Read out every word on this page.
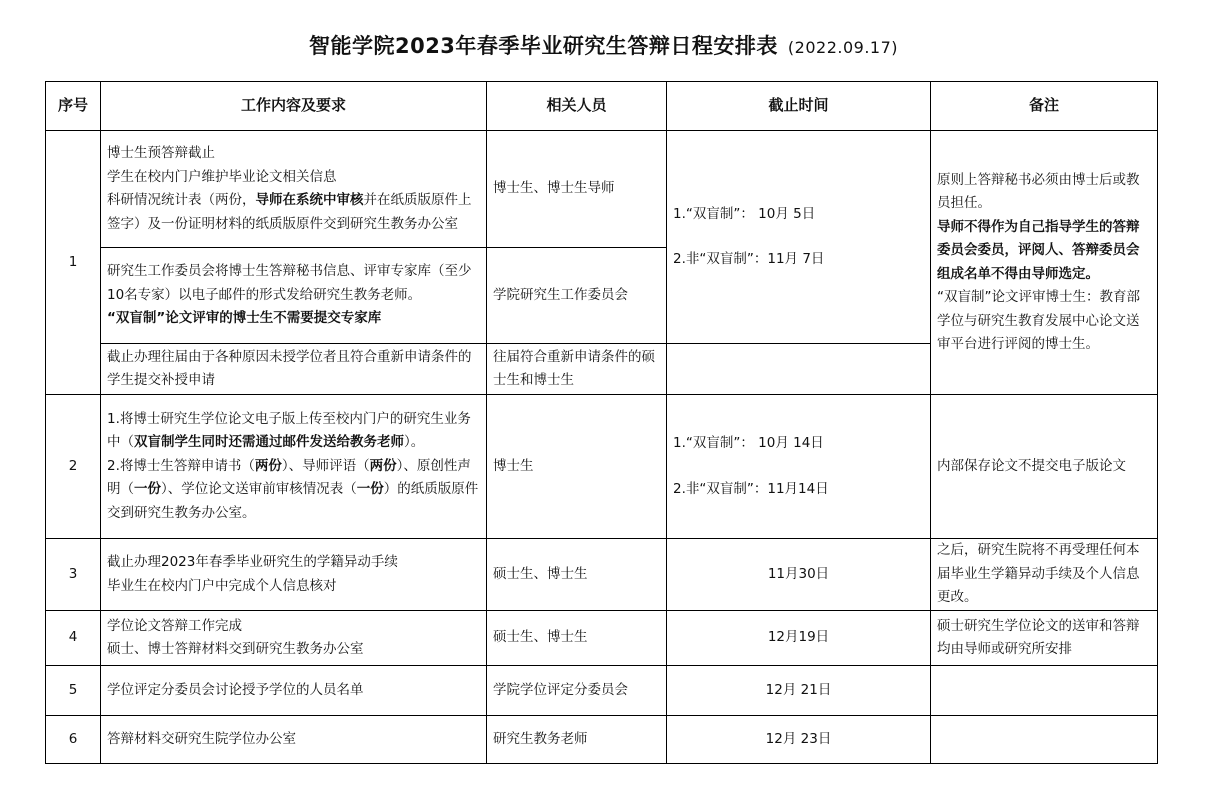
智能学院2023年春季毕业研究生答辩日程安排表 (2022.09.17)
序号	工作内容及要求	相关人员	截止时间	备注
1	博士生预答辩截止
学生在校内门户维护毕业论文相关信息
科研情况统计表（两份，导师在系统中审核并在纸质版原件上签字）及一份证明材料的纸质版原件交到研究生教务办公室	博士生、博士生导师	1.“双盲制”： 10月 5日
2.非“双盲制”：11月 7日	原则上答辩秘书必须由博士后或教员担任。
导师不得作为自己指导学生的答辩委员会委员，评阅人、答辩委员会组成名单不得由导师选定。
“双盲制”论文评审博士生：教育部学位与研究生教育发展中心论文送审平台进行评阅的博士生。

	研究生工作委员会将博士生答辩秘书信息、评审专家库（至少10名专家）以电子邮件的形式发给研究生教务老师。
“双盲制”论文评审的博士生不需要提交专家库	学院研究生工作委员会		
	截止办理往届由于各种原因未授学位者且符合重新申请条件的学生提交补授申请	往届符合重新申请条件的硕士生和博士生		
2	1.将博士研究生学位论文电子版上传至校内门户的研究生业务中（双盲制学生同时还需通过邮件发送给教务老师）。
2.将博士生答辩申请书（两份）、导师评语（两份）、原创性声明（一份）、学位论文送审前审核情况表（一份）的纸质版原件交到研究生教务办公室。	博士生	1.“双盲制”： 10月 14日
2.非“双盲制”：11月14日	内部保存论文不提交电子版论文
3	截止办理2023年春季毕业研究生的学籍异动手续
毕业生在校内门户中完成个人信息核对	硕士生、博士生	11月30日	之后，研究生院将不再受理任何本届毕业生学籍异动手续及个人信息更改。
4	学位论文答辩工作完成
硕士、博士答辩材料交到研究生教务办公室	硕士生、博士生	12月19日	硕士研究生学位论文的送审和答辩均由导师或研究所安排
5	学位评定分委员会讨论授予学位的人员名单	学院学位评定分委员会	12月 21日	
6	答辩材料交研究生院学位办公室	研究生教务老师	12月 23日	
